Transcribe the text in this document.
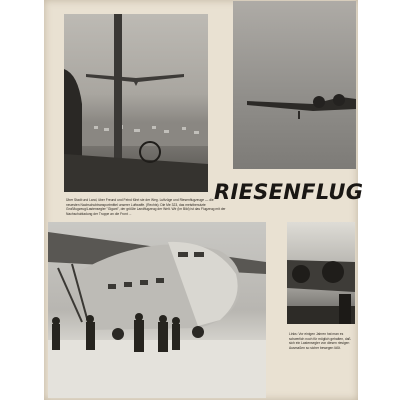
RIESENFLUG
Über Stadt und Land, über Freund und Feind führt sie der Weg. Luftzüge und Riesenflugzeuge — die neuesten Nachschubtransportmittel unserer Luftwaffe. (Rechts): Die Me 323, das meistbenutzte Großflugzeug/Lastensegler "Gigant", der größte Landflugzeug der Welt. Wir (Im Bild) ist das Flugzeug mit der Nachschubladung der Truppe an die Front ...
Links: Vor einigen Jahren hat man es schwerlich noch für möglich gehalten, daß sich ein Lastensegler von diesen riesigen Ausmaßen so sicher bewegen läßt.
